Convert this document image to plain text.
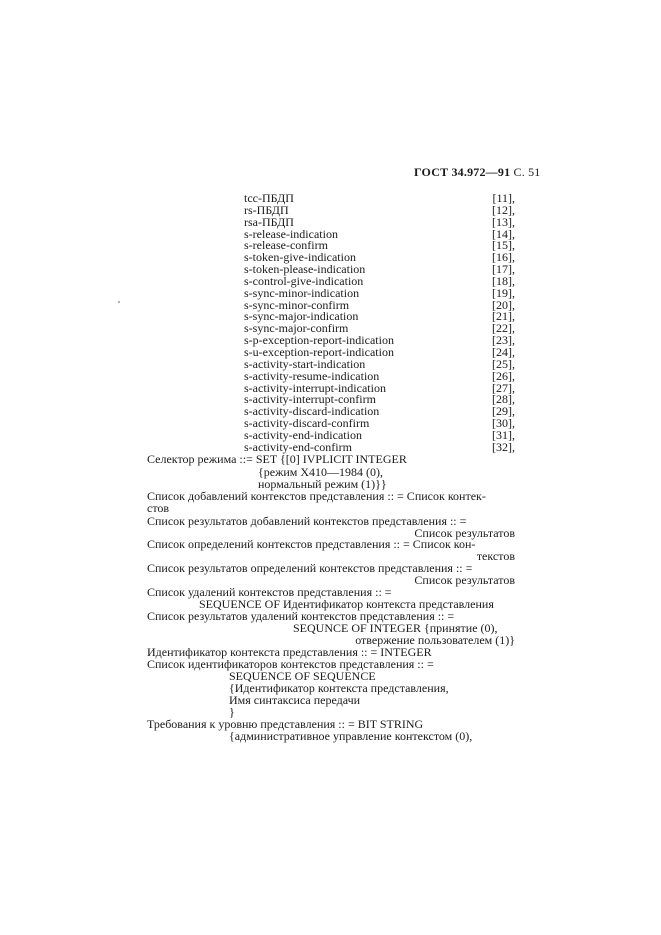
ГОСТ 34.972—91 С. 51
tcc-ПБДП	[11],
rs-ПБДП	[12],
rsa-ПБДП	[13],
s-release-indication	[14],
s-release-confirm	[15],
s-token-give-indication	[16],
s-token-please-indication	[17],
s-control-give-indication	[18],
s-sync-minor-indication	[19],
s-sync-minor-confirm	[20],
s-sync-major-indication	[21],
s-sync-major-confirm	[22],
s-p-exception-report-indication	[23],
s-u-exception-report-indication	[24],
s-activity-start-indication	[25],
s-activity-resume-indication	[26],
s-activity-interrupt-indication	[27],
s-activity-interrupt-confirm	[28],
s-activity-discard-indication	[29],
s-activity-discard-confirm	[30],
s-activity-end-indication	[31],
s-activity-end-confirm	[32],
Селектор режима ::= SET {[0] IVPLICIT INTEGER
{режим X410—1984 (0),
нормальный режим (1)}}
Список добавлений контекстов представления :: = Список контек-
стов
Список результатов добавлений контекстов представления :: =
Список результатов
Список определений контекстов представления :: = Список кон-
текстов
Список результатов определений контекстов представления :: =
Список результатов
Список удалений контекстов представления :: =
SEQUENCE OF Идентификатор контекста представления
Список результатов удалений контекстов представления :: =
SEQUNCE OF INTEGER {принятие (0),
отвержение пользователем (1)}
Идентификатор контекста представления :: = INTEGER
Список идентификаторов контекстов представления :: =
SEQUENCE OF SEQUENCE
{Идентификатор контекста представления,
Имя синтаксиса передачи
}
Требования к уровню представления :: = BIT STRING
{административное управление контекстом (0),
